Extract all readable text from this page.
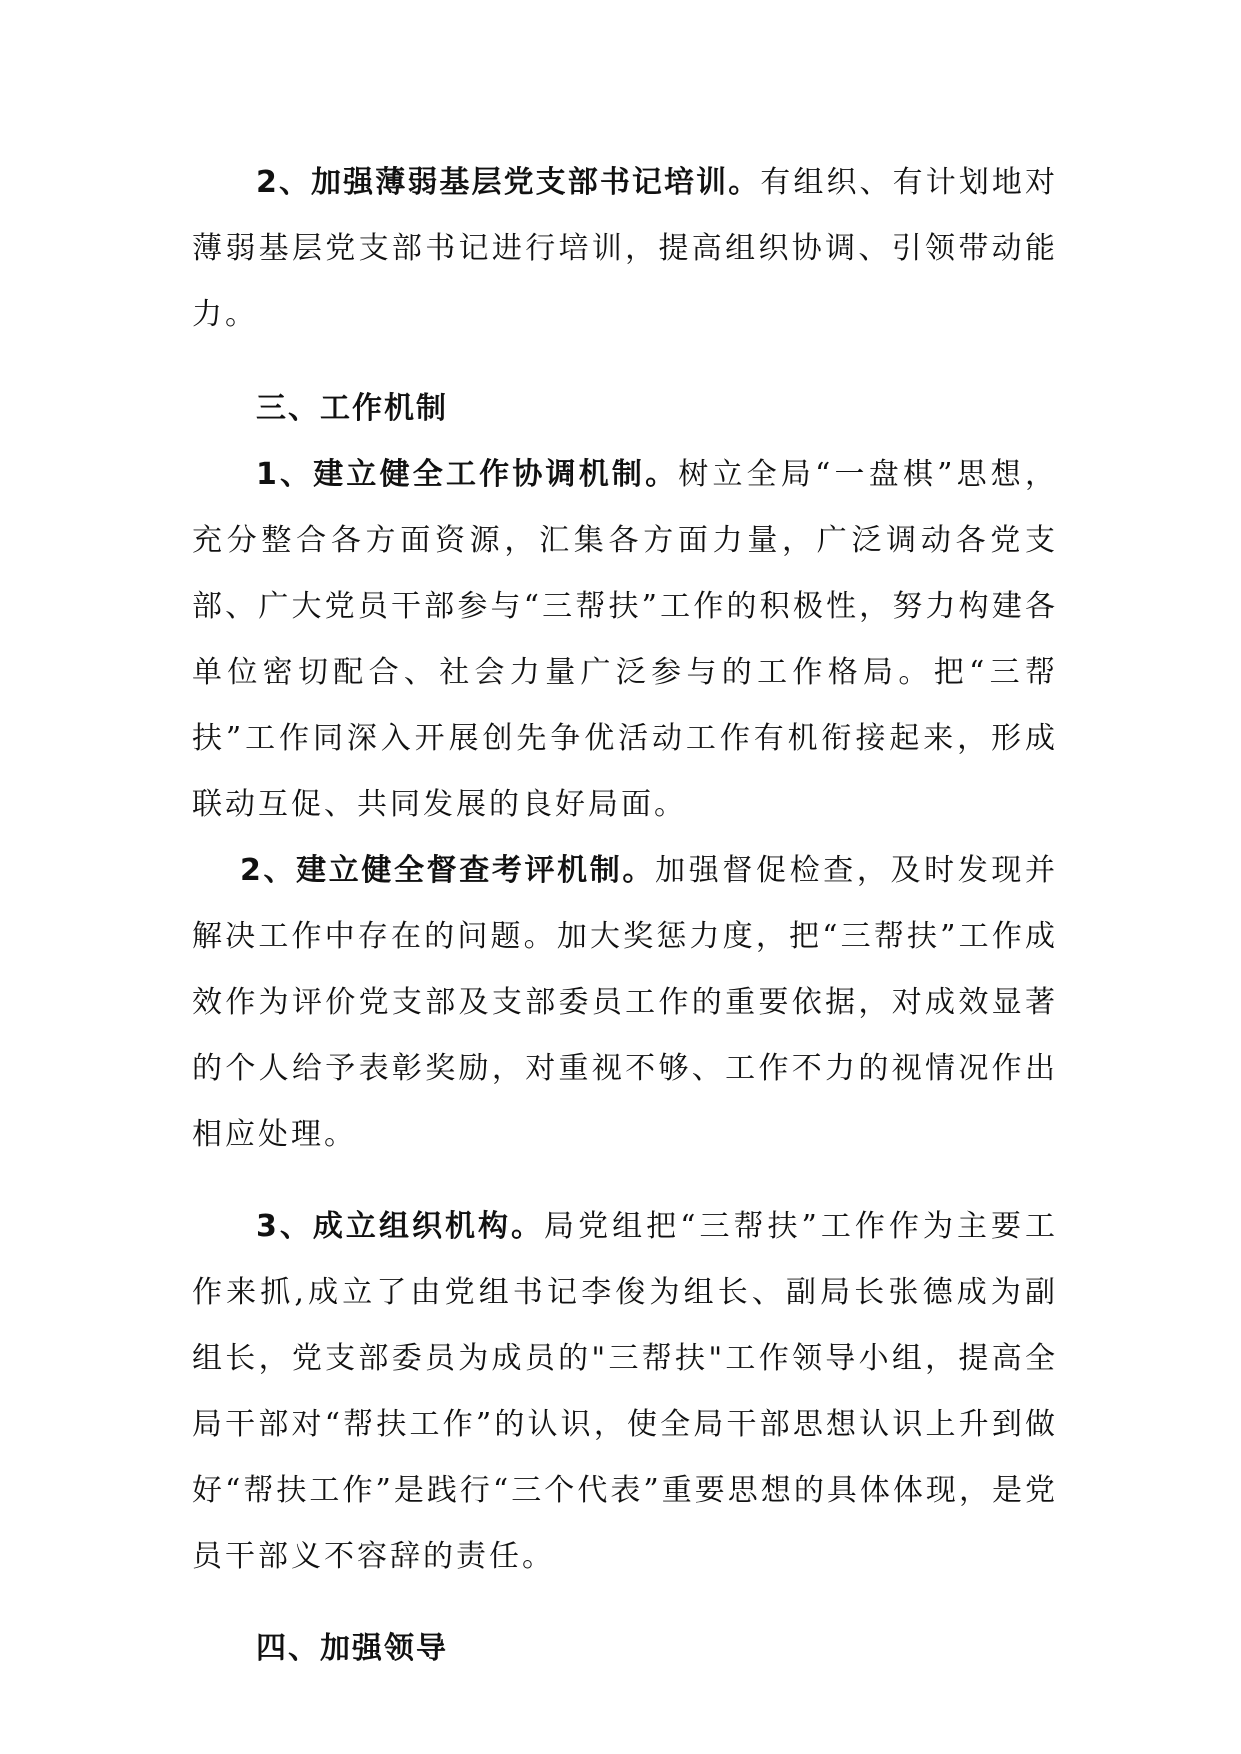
2、加强薄弱基层党支部书记培训。有组织、有计划地对薄弱基层党支部书记进行培训，提高组织协调、引领带动能力。

三、工作机制

1、建立健全工作协调机制。树立全局“一盘棋”思想，充分整合各方面资源，汇集各方面力量，广泛调动各党支部、广大党员干部参与“三帮扶”工作的积极性，努力构建各单位密切配合、社会力量广泛参与的工作格局。把“三帮扶”工作同深入开展创先争优活动工作有机衔接起来，形成联动互促、共同发展的良好局面。

2、建立健全督查考评机制。加强督促检查，及时发现并解决工作中存在的问题。加大奖惩力度，把“三帮扶”工作成效作为评价党支部及支部委员工作的重要依据，对成效显著的个人给予表彰奖励，对重视不够、工作不力的视情况作出相应处理。

3、成立组织机构。局党组把“三帮扶”工作作为主要工作来抓,成立了由党组书记李俊为组长、副局长张德成为副组长，党支部委员为成员的"三帮扶"工作领导小组，提高全局干部对“帮扶工作”的认识，使全局干部思想认识上升到做好“帮扶工作”是践行“三个代表”重要思想的具体体现，是党员干部义不容辞的责任。

四、加强领导
